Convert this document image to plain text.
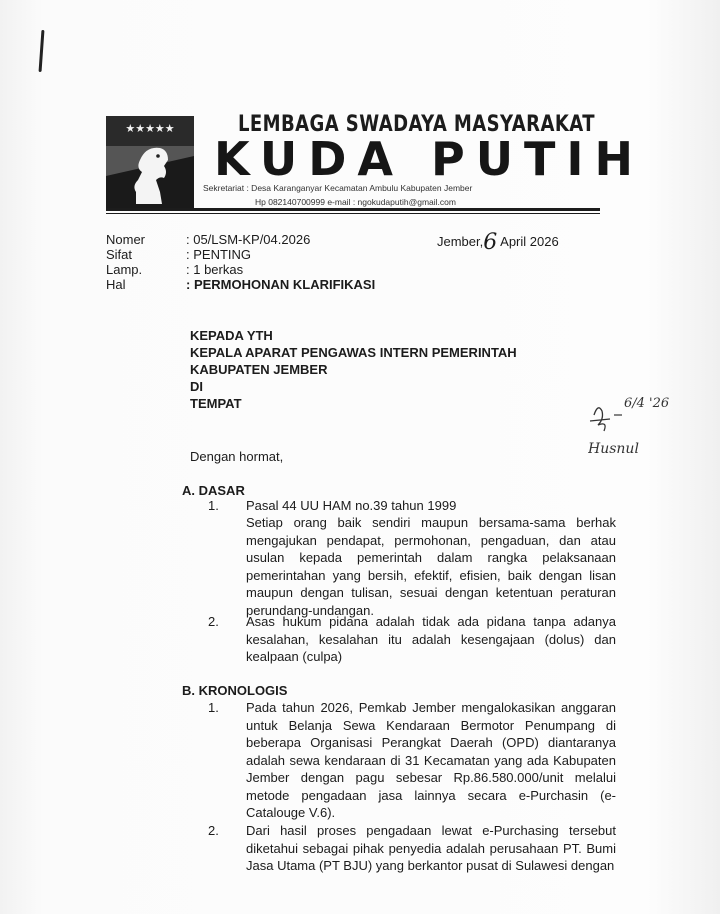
★★★★★	LEMBAGA SWADAYA MASYARAKAT
KUDA PUTIH
Sekretariat : Desa Karanganyar Kecamatan Ambulu Kabupaten Jember
Hp 082140700999 e-mail : ngokudaputih@gmail.com
Nomer	: 05/LSM-KP/04.2026
Sifat	: PENTING
Lamp.	: 1 berkas
Hal	: PERMOHONAN KLARIFIKASI
Jember,6 April 2026
KEPADA YTH
KEPALA APARAT PENGAWAS INTERN PEMERINTAH
KABUPATEN JEMBER
DI
TEMPAT	6/4 '26
Husnul
Dengan hormat,
A. DASAR
1.	Pasal 44 UU HAM no.39 tahun 1999
Setiap orang baik sendiri maupun bersama-sama berhak mengajukan pendapat, permohonan, pengaduan, dan atau usulan kepada pemerintah dalam rangka pelaksanaan pemerintahan yang bersih, efektif, efisien, baik dengan lisan maupun dengan tulisan, sesuai dengan ketentuan peraturan perundang-undangan.
2.	Asas hukum pidana adalah tidak ada pidana tanpa adanya kesalahan, kesalahan itu adalah kesengajaan (dolus) dan kealpaan (culpa)
B. KRONOLOGIS
1.	Pada tahun 2026, Pemkab Jember mengalokasikan anggaran untuk Belanja Sewa Kendaraan Bermotor Penumpang di beberapa Organisasi Perangkat Daerah (OPD) diantaranya adalah sewa kendaraan di 31 Kecamatan yang ada Kabupaten Jember dengan pagu sebesar Rp.86.580.000/unit melalui metode pengadaan jasa lainnya secara e-Purchasin (e-Catalouge V.6).
2.	Dari hasil proses pengadaan lewat e-Purchasing tersebut diketahui sebagai pihak penyedia adalah perusahaan PT. Bumi Jasa Utama (PT BJU) yang berkantor pusat di Sulawesi dengan
